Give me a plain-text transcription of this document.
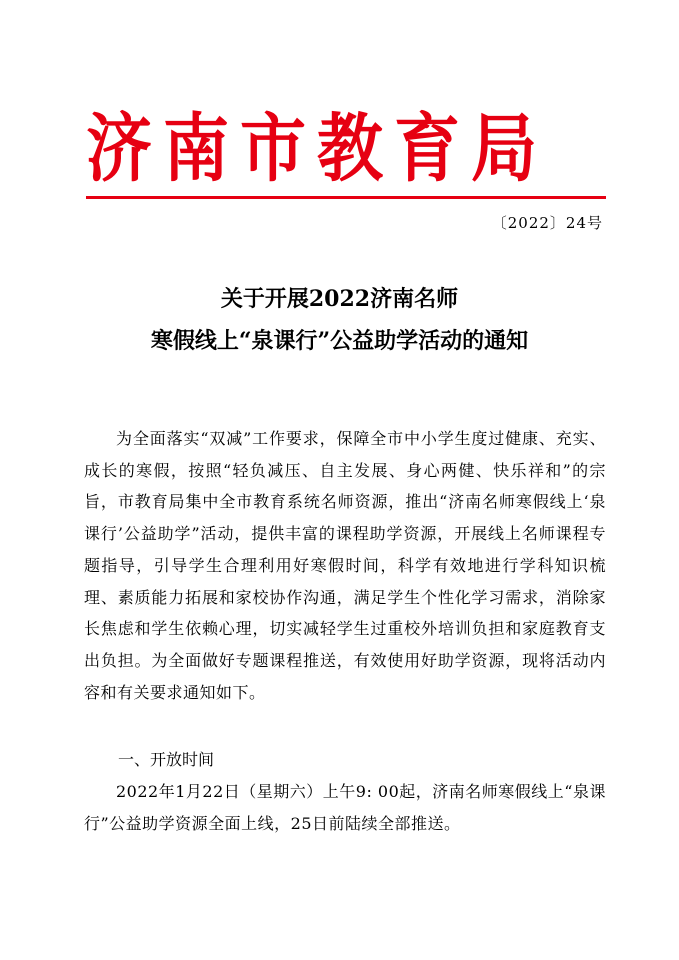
济南市教育局
〔2022〕24号
关于开展2022济南名师
寒假线上“泉课行”公益助学活动的通知
为全面落实“双减”工作要求，保障全市中小学生度过健康、充实、成长的寒假，按照“轻负减压、自主发展、身心两健、快乐祥和”的宗旨，市教育局集中全市教育系统名师资源，推出“济南名师寒假线上‘泉课行’公益助学”活动，提供丰富的课程助学资源，开展线上名师课程专题指导，引导学生合理利用好寒假时间，科学有效地进行学科知识梳理、素质能力拓展和家校协作沟通，满足学生个性化学习需求，消除家长焦虑和学生依赖心理，切实减轻学生过重校外培训负担和家庭教育支出负担。为全面做好专题课程推送，有效使用好助学资源，现将活动内容和有关要求通知如下。
一、开放时间
2022年1月22日（星期六）上午9: 00起，济南名师寒假线上“泉课行”公益助学资源全面上线，25日前陆续全部推送。
